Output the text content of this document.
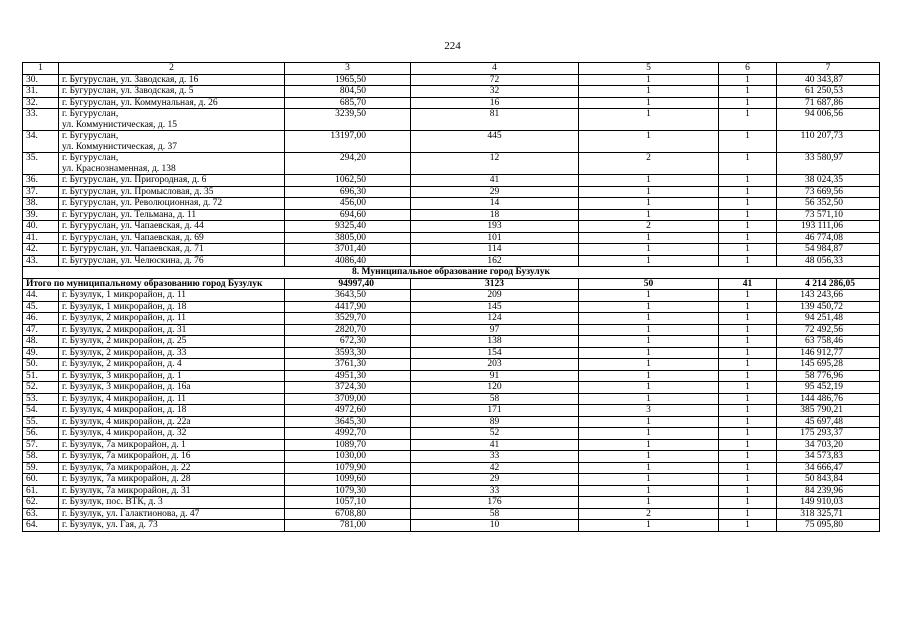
224
1	2	3	4	5	6	7
30.	г. Бугуруслан, ул. Заводская, д. 16	1965,50	72	1	1	40 343,87
31.	г. Бугуруслан, ул. Заводская, д. 5	804,50	32	1	1	61 250,53
32.	г. Бугуруслан, ул. Коммунальная, д. 26	685,70	16	1	1	71 687,86
33.	г. Бугуруслан,
ул. Коммунистическая, д. 15	3239,50	81	1	1	94 006,56
34.	г. Бугуруслан,
ул. Коммунистическая, д. 37	13197,00	445	1	1	110 207,73
35.	г. Бугуруслан,
ул. Краснознаменная, д. 138	294,20	12	2	1	33 580,97
36.	г. Бугуруслан, ул. Пригородная, д. 6	1062,50	41	1	1	38 024,35
37.	г. Бугуруслан, ул. Промысловая, д. 35	696,30	29	1	1	73 669,56
38.	г. Бугуруслан, ул. Революционная, д. 72	456,00	14	1	1	56 352,50
39.	г. Бугуруслан, ул. Тельмана, д. 11	694,60	18	1	1	73 571,10
40.	г. Бугуруслан, ул. Чапаевская, д. 44	9325,40	193	2	1	193 111,06
41.	г. Бугуруслан, ул. Чапаевская, д. 69	3805,00	101	1	1	46 774,08
42.	г. Бугуруслан, ул. Чапаевская, д. 71	3701,40	114	1	1	54 984,87
43.	г. Бугуруслан, ул. Челюскина, д. 76	4086,40	162	1	1	48 056,33
8. Муниципальное образование город Бузулук						
Итого по муниципальному образованию город Бузулук		94997,40	3123	50	41	4 214 286,05
44.	г. Бузулук, 1 микрорайон, д. 11	3643,50	209	1	1	143 243,66
45.	г. Бузулук, 1 микрорайон, д. 18	4417,90	145	1	1	139 450,72
46.	г. Бузулук, 2 микрорайон, д. 11	3529,70	124	1	1	94 251,48
47.	г. Бузулук, 2 микрорайон, д. 31	2820,70	97	1	1	72 492,56
48.	г. Бузулук, 2 микрорайон, д. 25	672,30	138	1	1	63 758,46
49.	г. Бузулук, 2 микрорайон, д. 33	3593,30	154	1	1	146 912,77
50.	г. Бузулук, 2 микрорайон, д. 4	3761,30	203	1	1	145 695,28
51.	г. Бузулук, 3 микрорайон, д. 1	4951,30	91	1	1	58 776,96
52.	г. Бузулук, 3 микрорайон, д. 16а	3724,30	120	1	1	95 452,19
53.	г. Бузулук, 4 микрорайон, д. 11	3709,00	58	1	1	144 486,76
54.	г. Бузулук, 4 микрорайон, д. 18	4972,60	171	3	1	385 790,21
55.	г. Бузулук, 4 микрорайон, д. 22а	3645,30	89	1	1	45 697,48
56.	г. Бузулук, 4 микрорайон, д. 32	4992,70	52	1	1	175 293,37
57.	г. Бузулук, 7а микрорайон, д. 1	1089,70	41	1	1	34 703,20
58.	г. Бузулук, 7а микрорайон, д. 16	1030,00	33	1	1	34 573,83
59.	г. Бузулук, 7а микрорайон, д. 22	1079,90	42	1	1	34 666,47
60.	г. Бузулук, 7а микрорайон, д. 28	1099,60	29	1	1	50 843,84
61.	г. Бузулук, 7а микрорайон, д. 31	1079,30	33	1	1	84 239,96
62.	г. Бузулук, пос. ВТК, д. 3	1057,10	176	1	1	149 910,03
63.	г. Бузулук, ул. Галактионова, д. 47	6708,80	58	2	1	318 325,71
64.	г. Бузулук, ул. Гая, д. 73	781,00	10	1	1	75 095,80
